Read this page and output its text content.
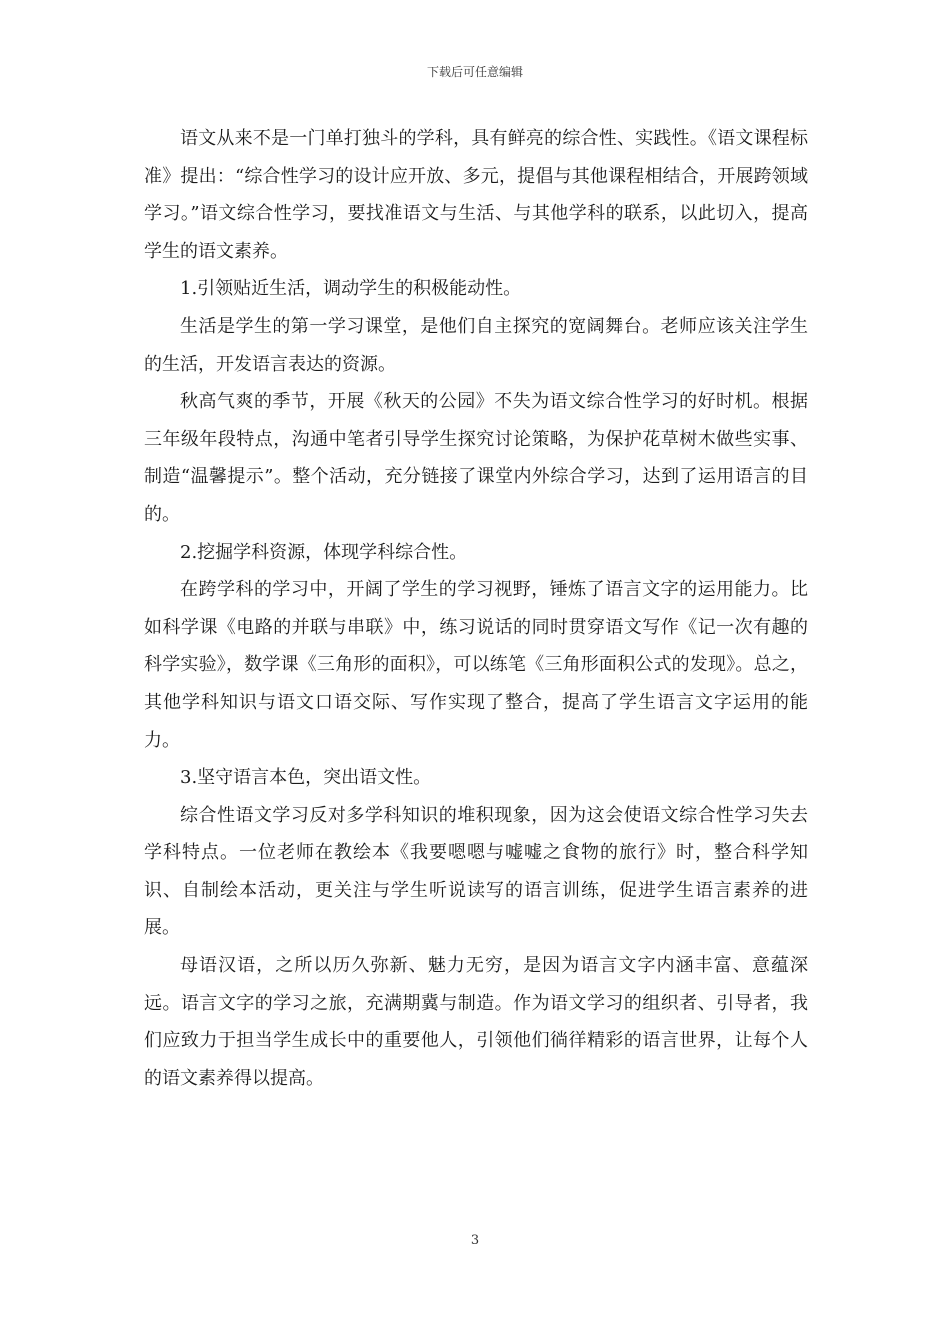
下载后可任意编辑

语文从来不是一门单打独斗的学科，具有鲜亮的综合性、实践性。《语文课程标准》提出：“综合性学习的设计应开放、多元，提倡与其他课程相结合，开展跨领域学习。”语文综合性学习，要找准语文与生活、与其他学科的联系，以此切入，提高学生的语文素养。

1.引领贴近生活，调动学生的积极能动性。

生活是学生的第一学习课堂，是他们自主探究的宽阔舞台。老师应该关注学生的生活，开发语言表达的资源。

秋高气爽的季节，开展《秋天的公园》不失为语文综合性学习的好时机。根据三年级年段特点，沟通中笔者引导学生探究讨论策略，为保护花草树木做些实事、制造“温馨提示”。整个活动，充分链接了课堂内外综合学习，达到了运用语言的目的。

2.挖掘学科资源，体现学科综合性。

在跨学科的学习中，开阔了学生的学习视野，锤炼了语言文字的运用能力。比如科学课《电路的并联与串联》中，练习说话的同时贯穿语文写作《记一次有趣的科学实验》，数学课《三角形的面积》，可以练笔《三角形面积公式的发现》。总之，其他学科知识与语文口语交际、写作实现了整合，提高了学生语言文字运用的能力。

3.坚守语言本色，突出语文性。

综合性语文学习反对多学科知识的堆积现象，因为这会使语文综合性学习失去学科特点。一位老师在教绘本《我要嗯嗯与嘘嘘之食物的旅行》时，整合科学知识、自制绘本活动，更关注与学生听说读写的语言训练，促进学生语言素养的进展。

母语汉语，之所以历久弥新、魅力无穷，是因为语言文字内涵丰富、意蕴深远。语言文字的学习之旅，充满期冀与制造。作为语文学习的组织者、引导者，我们应致力于担当学生成长中的重要他人，引领他们徜徉精彩的语言世界，让每个人的语文素养得以提高。

3
